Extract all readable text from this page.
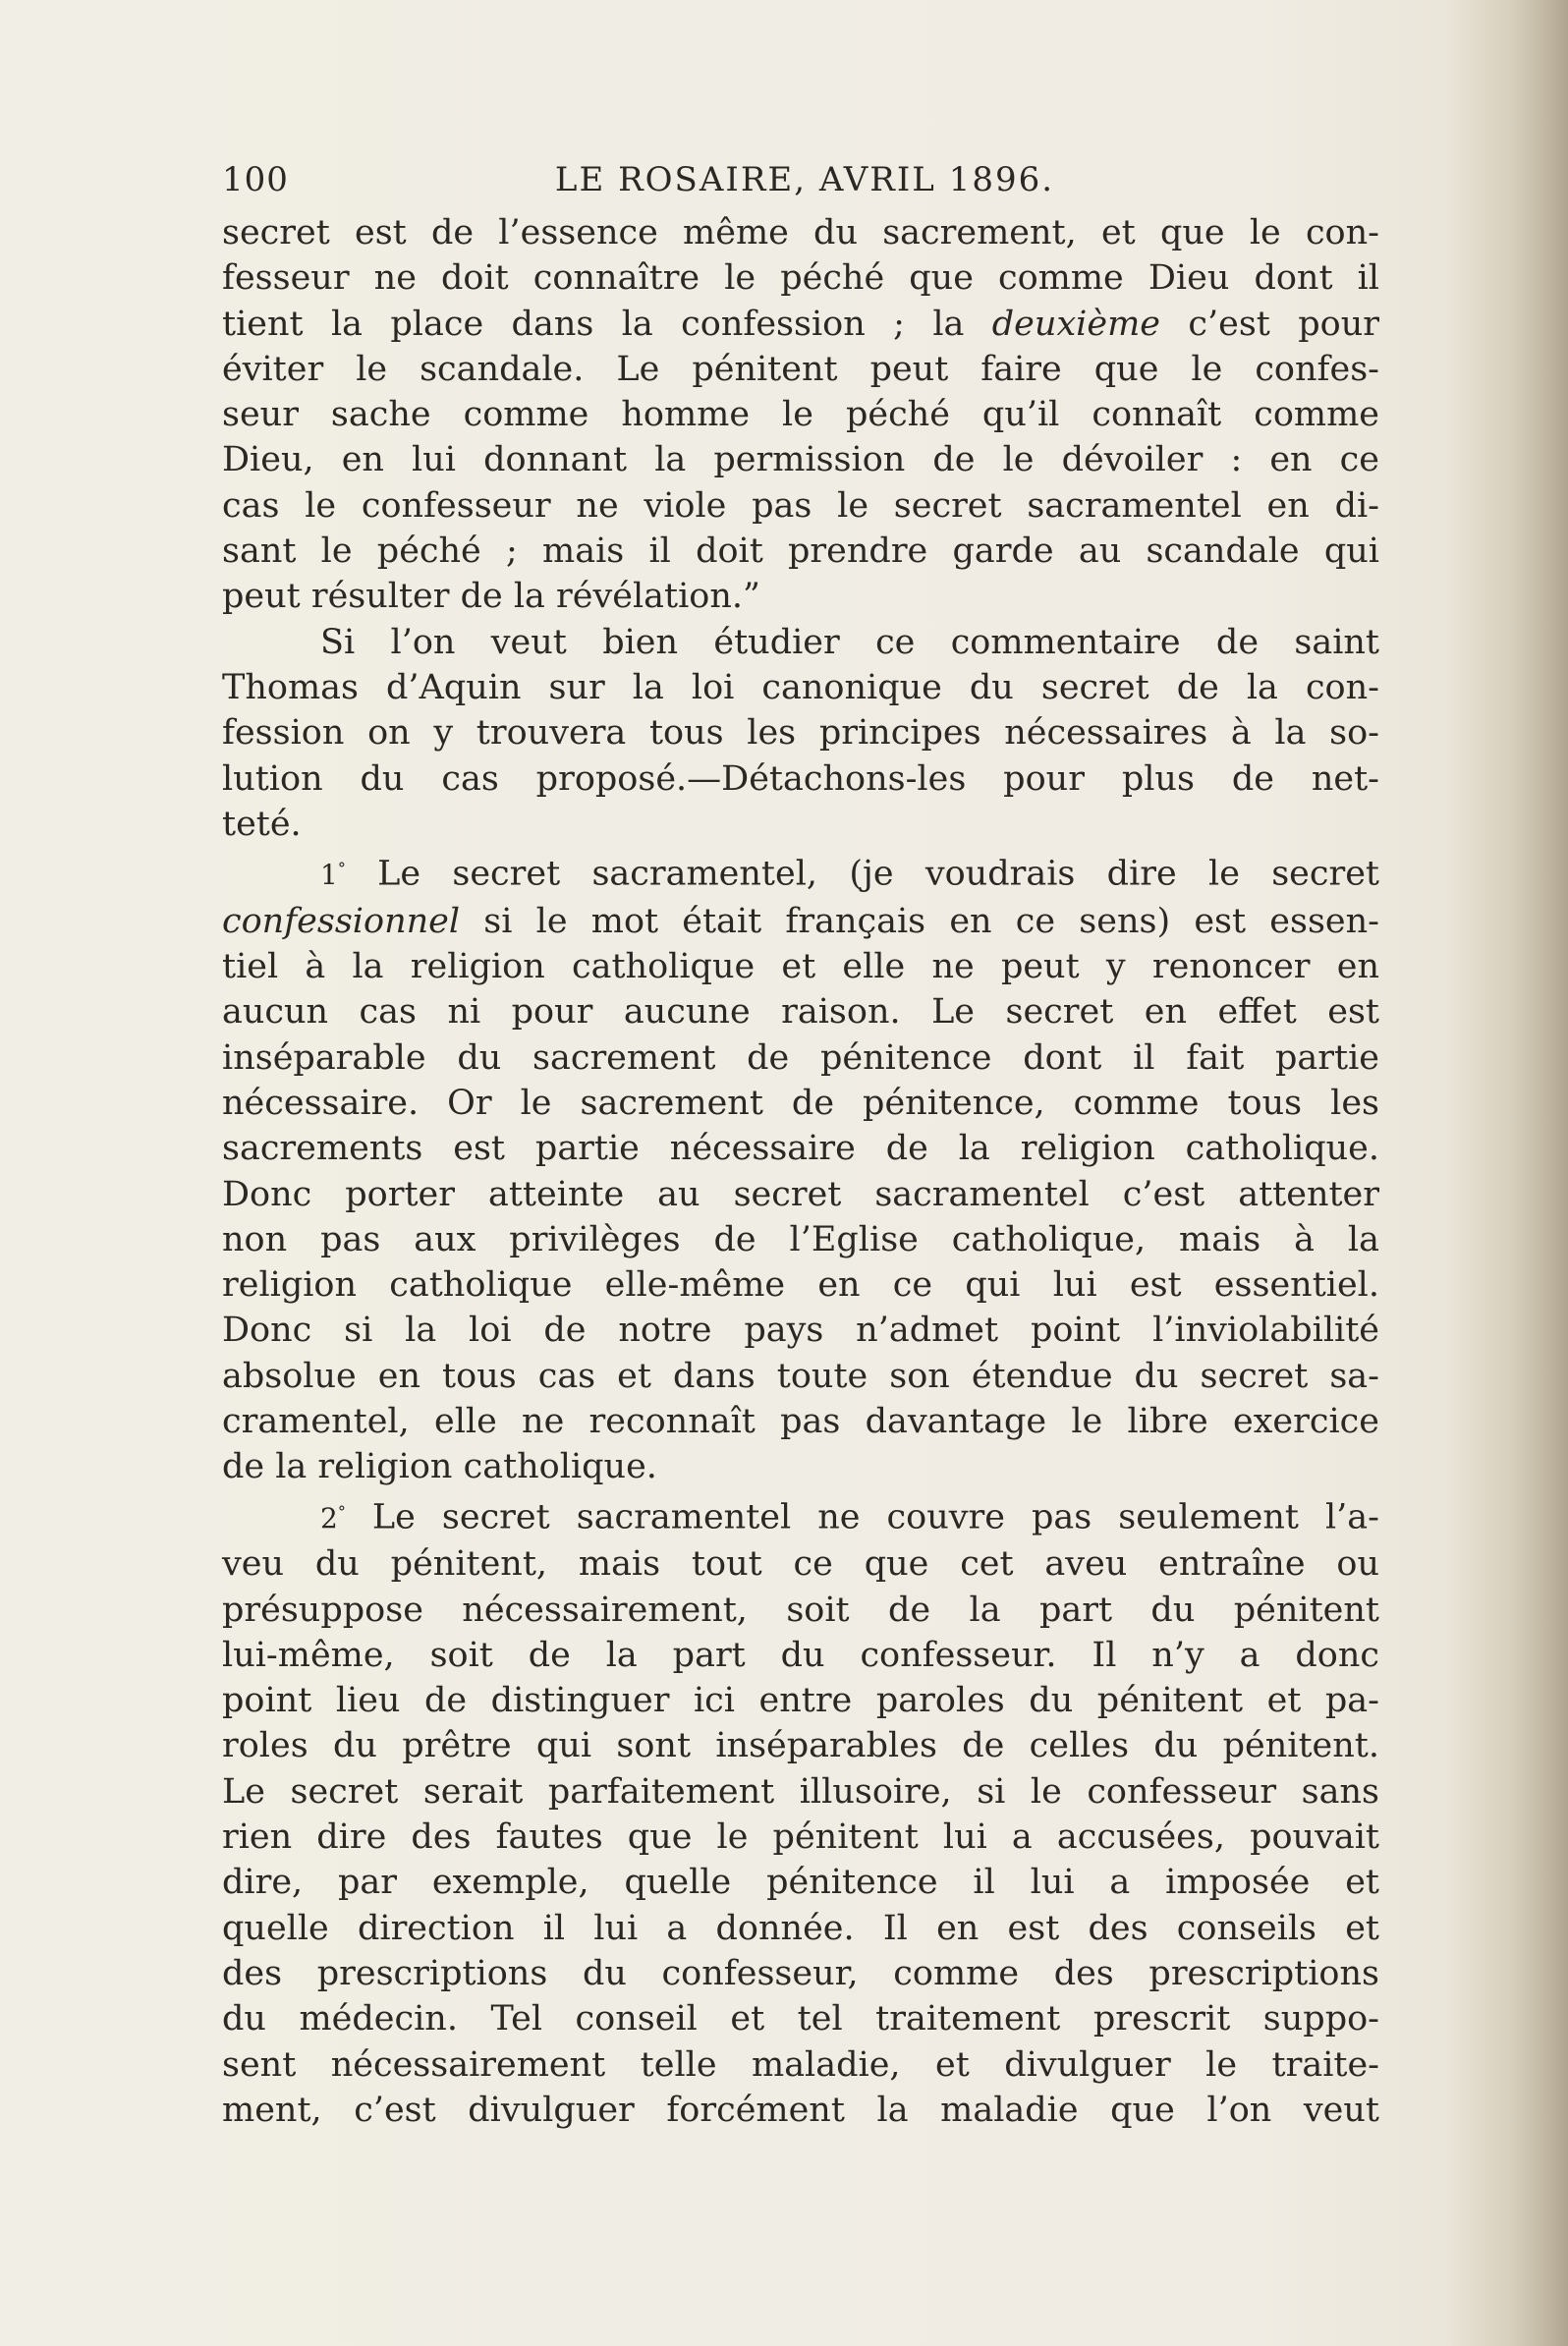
100	LE ROSAIRE, AVRIL 1896.
secret est de l’essence même du sacrement, et que le con-
fesseur ne doit connaître le péché que comme Dieu dont il
tient la place dans la confession ; la deuxième c’est pour
éviter le scandale. Le pénitent peut faire que le confes-
seur sache comme homme le péché qu’il connaît comme
Dieu, en lui donnant la permission de le dévoiler : en ce
cas le confesseur ne viole pas le secret sacramentel en di-
sant le péché ; mais il doit prendre garde au scandale qui
peut résulter de la révélation.”
Si l’on veut bien étudier ce commentaire de saint
Thomas d’Aquin sur la loi canonique du secret de la con-
fession on y trouvera tous les principes nécessaires à la so-
lution du cas proposé.—Détachons-les pour plus de net-
teté.
1° Le secret sacramentel, (je voudrais dire le secret
confessionnel si le mot était français en ce sens) est essen-
tiel à la religion catholique et elle ne peut y renoncer en
aucun cas ni pour aucune raison. Le secret en effet est
inséparable du sacrement de pénitence dont il fait partie
nécessaire. Or le sacrement de pénitence, comme tous les
sacrements est partie nécessaire de la religion catholique.
Donc porter atteinte au secret sacramentel c’est attenter
non pas aux privilèges de l’Eglise catholique, mais à la
religion catholique elle-même en ce qui lui est essentiel.
Donc si la loi de notre pays n’admet point l’inviolabilité
absolue en tous cas et dans toute son étendue du secret sa-
cramentel, elle ne reconnaît pas davantage le libre exercice
de la religion catholique.
2° Le secret sacramentel ne couvre pas seulement l’a-
veu du pénitent, mais tout ce que cet aveu entraîne ou
présuppose nécessairement, soit de la part du pénitent
lui-même, soit de la part du confesseur. Il n’y a donc
point lieu de distinguer ici entre paroles du pénitent et pa-
roles du prêtre qui sont inséparables de celles du pénitent.
Le secret serait parfaitement illusoire, si le confesseur sans
rien dire des fautes que le pénitent lui a accusées, pouvait
dire, par exemple, quelle pénitence il lui a imposée et
quelle direction il lui a donnée. Il en est des conseils et
des prescriptions du confesseur, comme des prescriptions
du médecin. Tel conseil et tel traitement prescrit suppo-
sent nécessairement telle maladie, et divulguer le traite-
ment, c’est divulguer forcément la maladie que l’on veut
